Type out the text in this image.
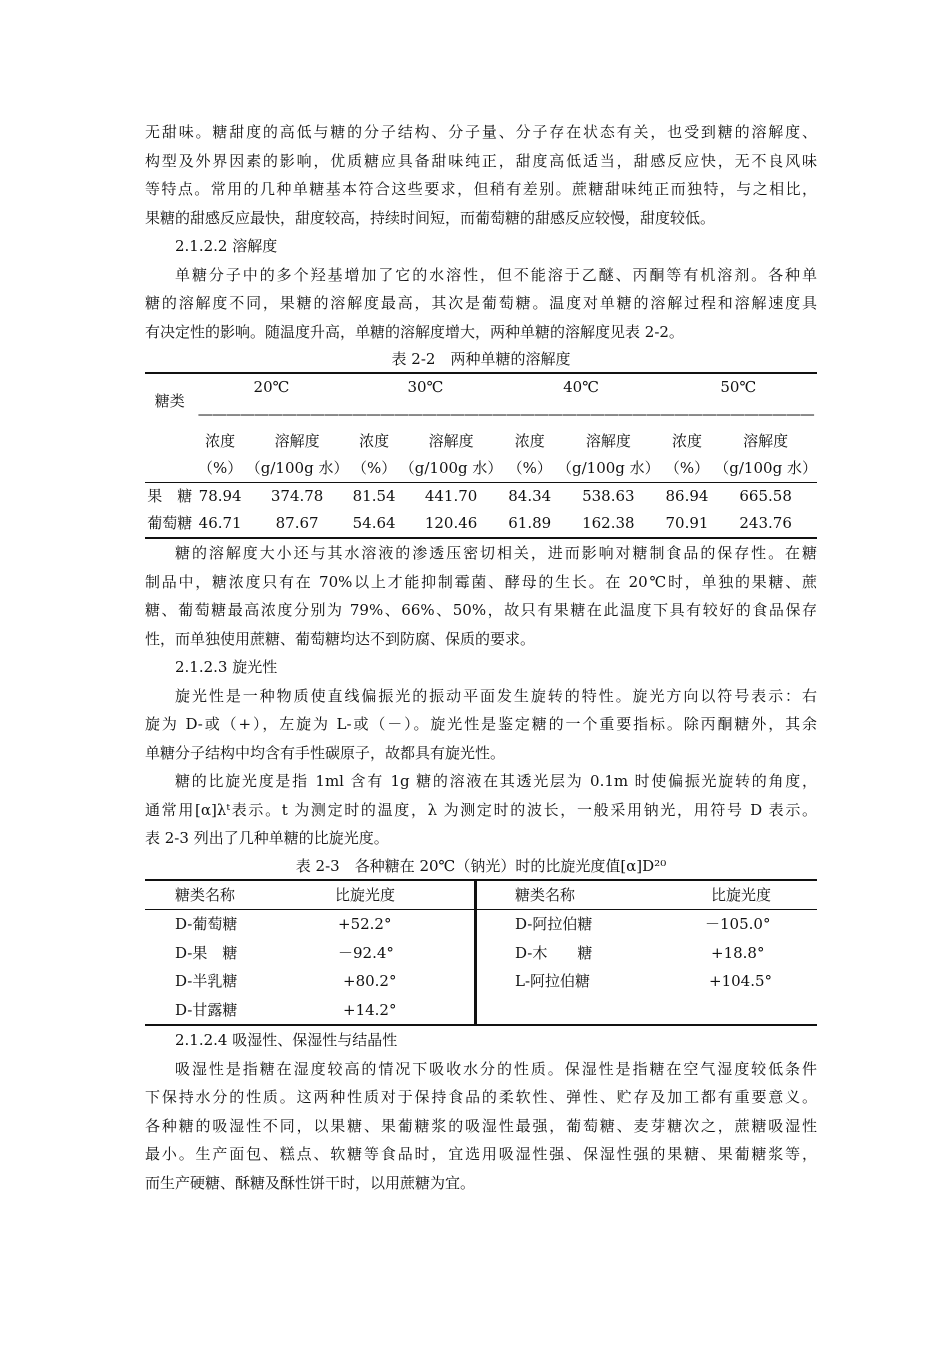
无甜味。糖甜度的高低与糖的分子结构、分子量、分子存在状态有关，也受到糖的溶解度、

构型及外界因素的影响，优质糖应具备甜味纯正，甜度高低适当，甜感反应快，无不良风味

等特点。常用的几种单糖基本符合这些要求，但稍有差别。蔗糖甜味纯正而独特，与之相比，

果糖的甜感反应最快，甜度较高，持续时间短，而葡萄糖的甜感反应较慢，甜度较低。

2.1.2.2 溶解度

单糖分子中的多个羟基增加了它的水溶性，但不能溶于乙醚、丙酮等有机溶剂。各种单

糖的溶解度不同，果糖的溶解度最高，其次是葡萄糖。温度对单糖的溶解过程和溶解速度具

有决定性的影响。随温度升高，单糖的溶解度增大，两种单糖的溶解度见表 2-2。

表 2-2　两种单糖的溶解度
糖类	20℃		30℃		40℃		50℃	
	————————————————————————————————————————————							
	浓度	溶解度	浓度	溶解度	浓度	溶解度	浓度	溶解度
	（%）	（g/100g 水）	（%）	（g/100g 水）	（%）	（g/100g 水）	（%）	（g/100g 水）
果　糖	78.94	374.78	81.54	441.70	84.34	538.63	86.94	665.58
葡萄糖	46.71	87.67	54.64	120.46	61.89	162.38	70.91	243.76

糖的溶解度大小还与其水溶液的渗透压密切相关，进而影响对糖制食品的保存性。在糖

制品中，糖浓度只有在 70%以上才能抑制霉菌、酵母的生长。在 20℃时，单独的果糖、蔗

糖、葡萄糖最高浓度分别为 79%、66%、50%，故只有果糖在此温度下具有较好的食品保存

性，而单独使用蔗糖、葡萄糖均达不到防腐、保质的要求。

2.1.2.3 旋光性

旋光性是一种物质使直线偏振光的振动平面发生旋转的特性。旋光方向以符号表示：右

旋为 D-或（+），左旋为 L-或（－）。旋光性是鉴定糖的一个重要指标。除丙酮糖外，其余

单糖分子结构中均含有手性碳原子，故都具有旋光性。

糖的比旋光度是指 1ml 含有 1g 糖的溶液在其透光层为 0.1m 时使偏振光旋转的角度，

通常用[α]λᵗ表示。t 为测定时的温度，λ 为测定时的波长，一般采用钠光，用符号 D 表示。

表 2-3 列出了几种单糖的比旋光度。

表 2-3　各种糖在 20℃（钠光）时的比旋光度值[α]D²⁰
	糖类名称	比旋光度		糖类名称	比旋光度
	D-葡萄糖	+52.2°		D-阿拉伯糖	－105.0°
	D-果　糖	－92.4°		D-木　　糖	+18.8°
	D-半乳糖	+80.2°		L-阿拉伯糖	+104.5°
	D-甘露糖	+14.2°			
2.1.2.4 吸湿性、保湿性与结晶性

吸湿性是指糖在湿度较高的情况下吸收水分的性质。保湿性是指糖在空气湿度较低条件

下保持水分的性质。这两种性质对于保持食品的柔软性、弹性、贮存及加工都有重要意义。

各种糖的吸湿性不同，以果糖、果葡糖浆的吸湿性最强，葡萄糖、麦芽糖次之，蔗糖吸湿性

最小。生产面包、糕点、软糖等食品时，宜选用吸湿性强、保湿性强的果糖、果葡糖浆等，

而生产硬糖、酥糖及酥性饼干时，以用蔗糖为宜。
